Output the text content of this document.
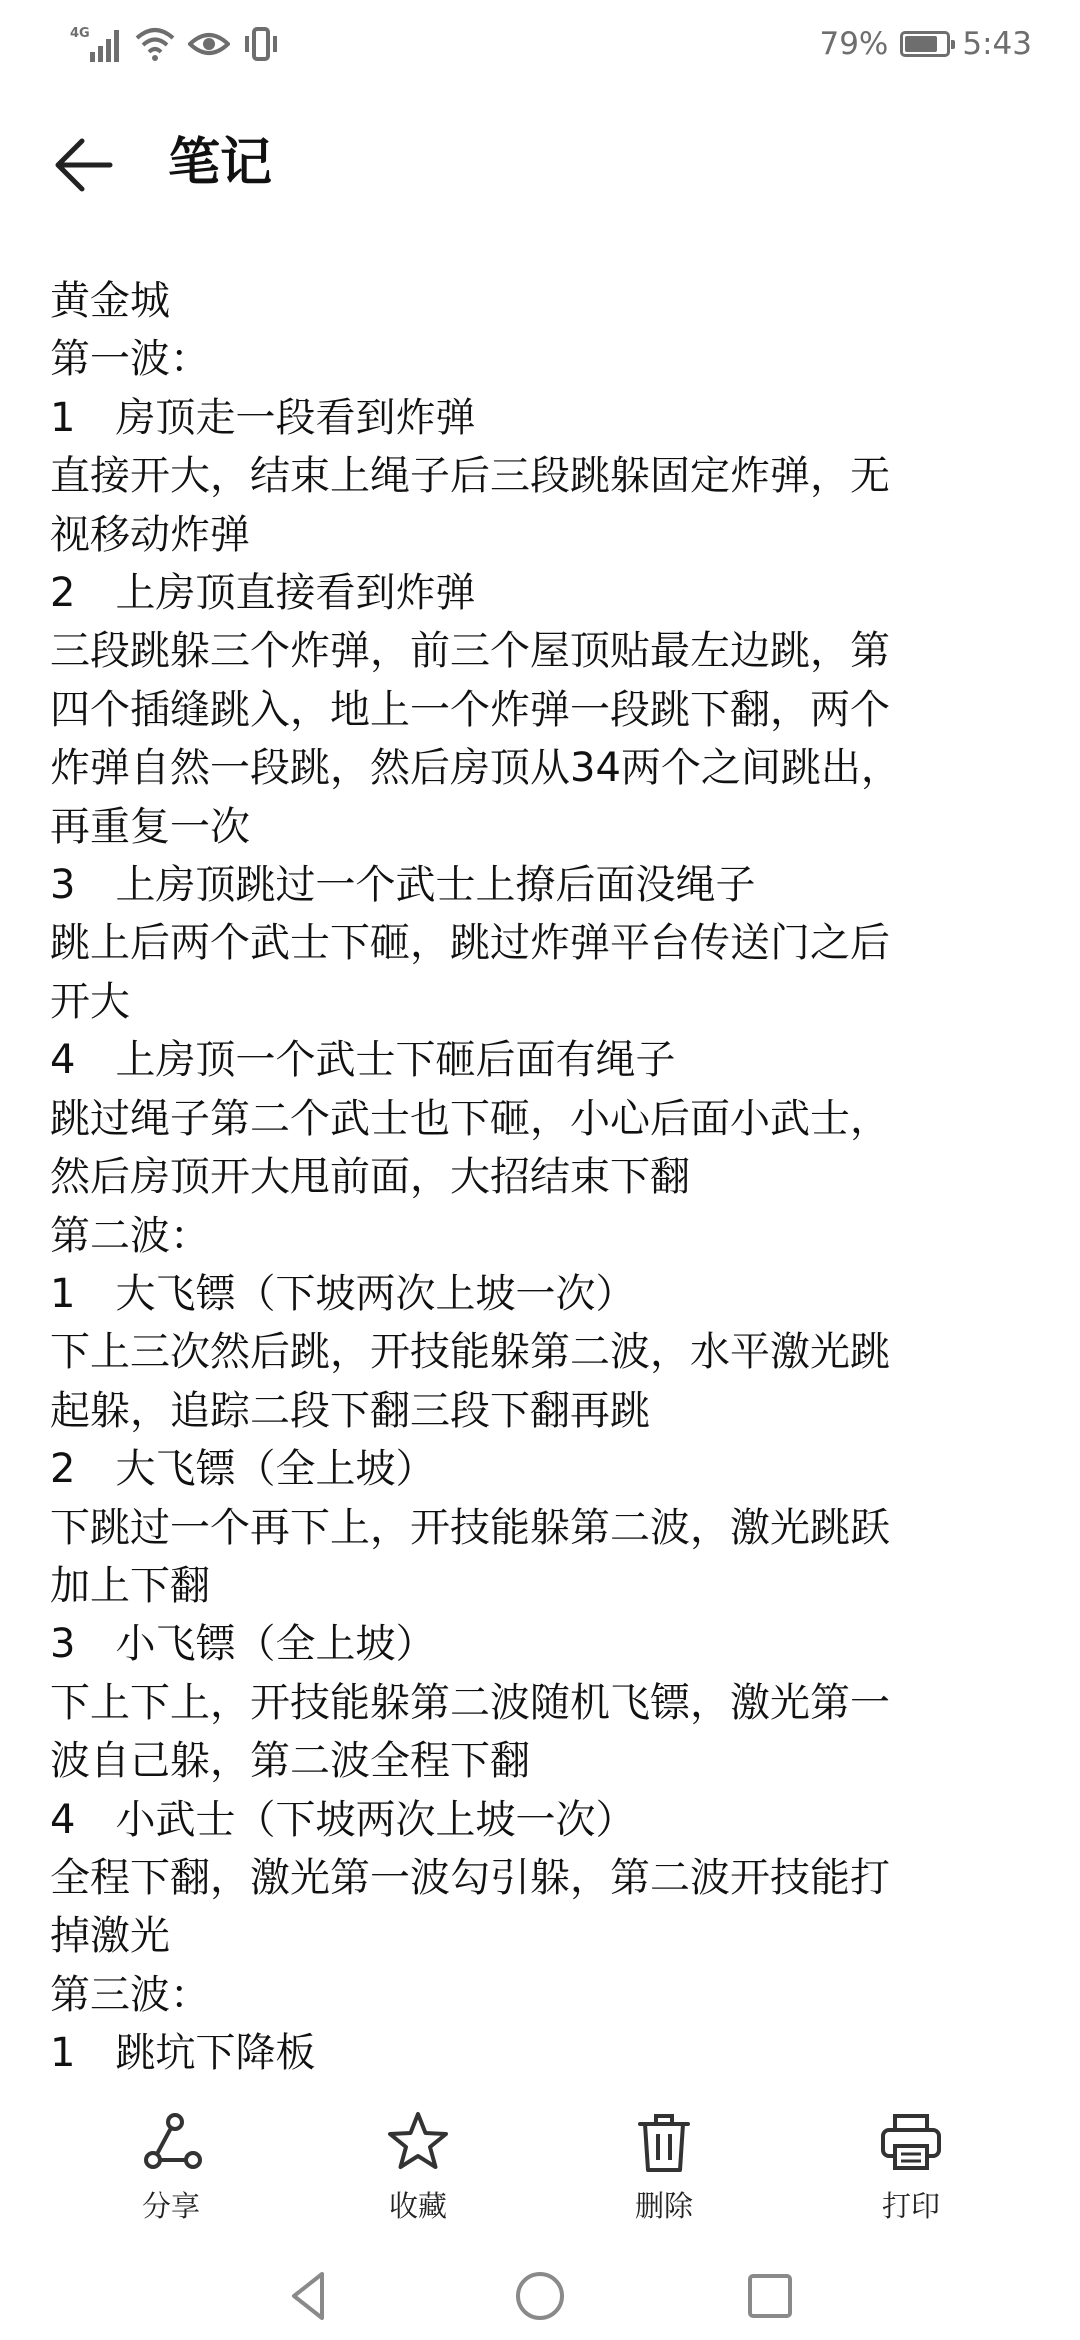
4G	79% 5:43
笔记

黄金城

第一波：

1　房顶走一段看到炸弹

直接开大，结束上绳子后三段跳躲固定炸弹，无

视移动炸弹

2　上房顶直接看到炸弹

三段跳躲三个炸弹，前三个屋顶贴最左边跳，第

四个插缝跳入，地上一个炸弹一段跳下翻，两个

炸弹自然一段跳，然后房顶从34两个之间跳出，

再重复一次

3　上房顶跳过一个武士上撩后面没绳子

跳上后两个武士下砸，跳过炸弹平台传送门之后

开大

4　上房顶一个武士下砸后面有绳子

跳过绳子第二个武士也下砸，小心后面小武士，

然后房顶开大甩前面，大招结束下翻

第二波：

1　大飞镖（下坡两次上坡一次）

下上三次然后跳，开技能躲第二波，水平激光跳

起躲，追踪二段下翻三段下翻再跳

2　大飞镖（全上坡）

下跳过一个再下上，开技能躲第二波，激光跳跃

加上下翻

3　小飞镖（全上坡）

下上下上，开技能躲第二波随机飞镖，激光第一

波自己躲，第二波全程下翻

4　小武士（下坡两次上坡一次）

全程下翻，激光第一波勾引躲，第二波开技能打

掉激光

第三波：

1　跳坑下降板

分享	收藏	删除	打印
